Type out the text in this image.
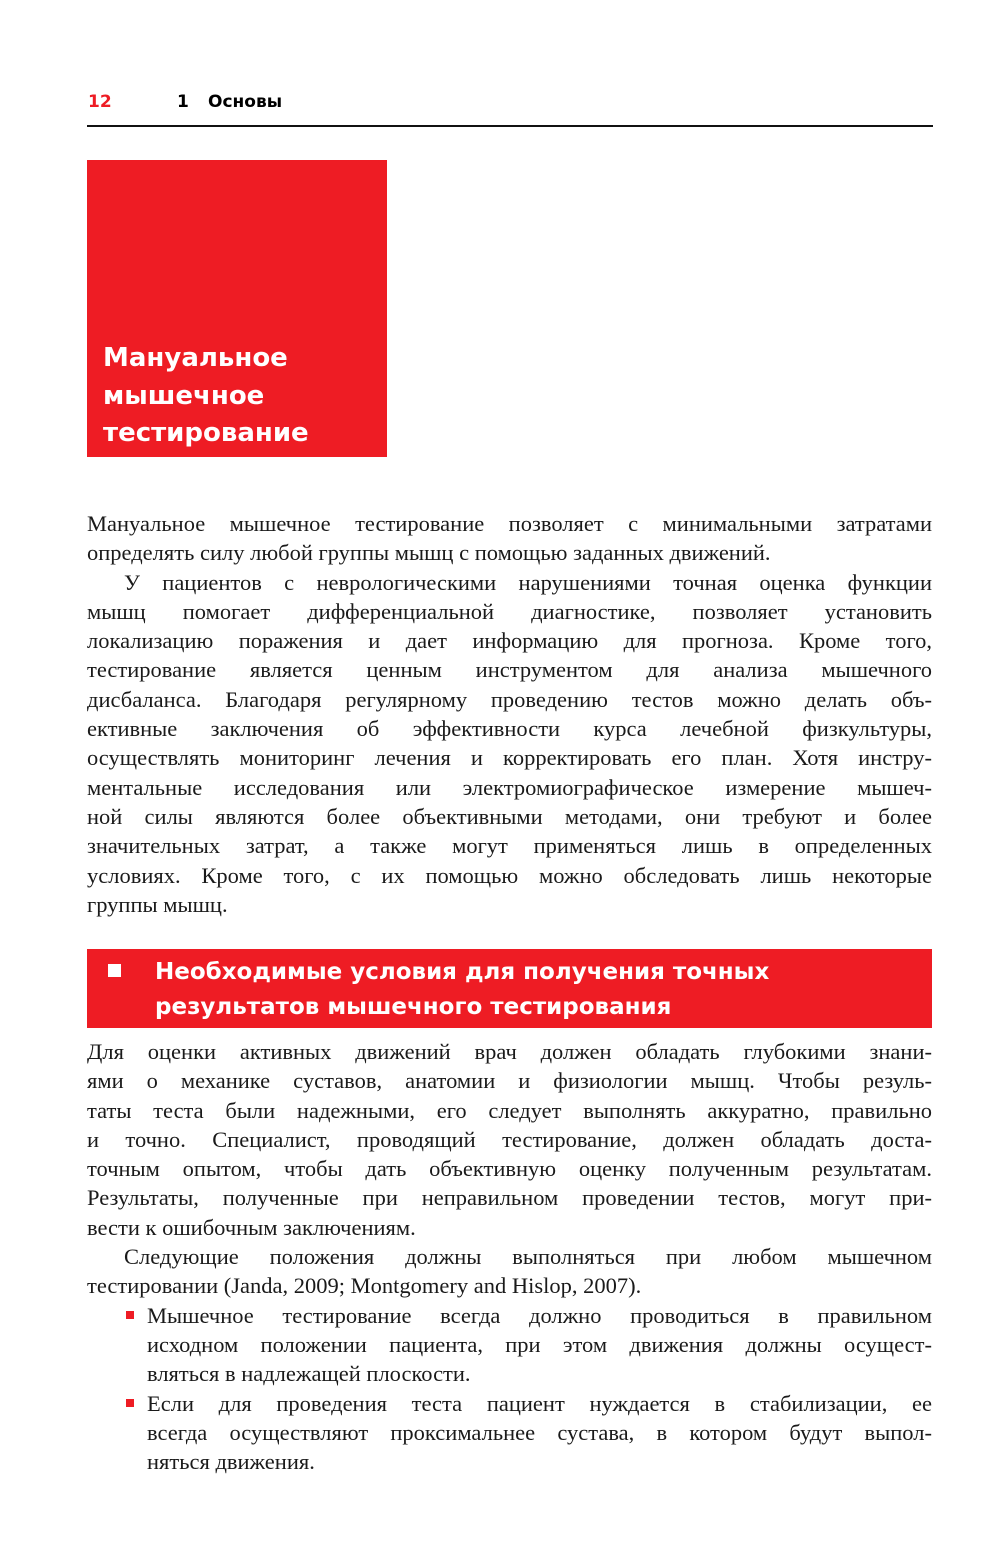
12	1 Основы
Мануальное
мышечное
тестирование
Мануальное мышечное тестирование позволяет с минимальными затратами
определять силу любой группы мышц с помощью заданных движений.
У пациентов с неврологическими нарушениями точная оценка функции
мышц помогает дифференциальной диагностике, позволяет установить
локализацию поражения и дает информацию для прогноза. Кроме того,
тестирование является ценным инструментом для анализа мышечного
дисбаланса. Благодаря регулярному проведению тестов можно делать объ-
ективные заключения об эффективности курса лечебной физкультуры,
осуществлять мониторинг лечения и корректировать его план. Хотя инстру-
ментальные исследования или электромиографическое измерение мышеч-
ной силы являются более объективными методами, они требуют и более
значительных затрат, а также могут применяться лишь в определенных
условиях. Кроме того, с их помощью можно обследовать лишь некоторые
группы мышц.
Необходимые условия для получения точных
результатов мышечного тестирования
Для оценки активных движений врач должен обладать глубокими знани-
ями о механике суставов, анатомии и физиологии мышц. Чтобы резуль-
таты теста были надежными, его следует выполнять аккуратно, правильно
и точно. Специалист, проводящий тестирование, должен обладать доста-
точным опытом, чтобы дать объективную оценку полученным результатам.
Результаты, полученные при неправильном проведении тестов, могут при-
вести к ошибочным заключениям.
Следующие положения должны выполняться при любом мышечном
тестировании (Janda, 2009; Montgomery and Hislop, 2007).
Мышечное тестирование всегда должно проводиться в правильном
исходном положении пациента, при этом движения должны осущест-
вляться в надлежащей плоскости.
Если для проведения теста пациент нуждается в стабилизации, ее
всегда осуществляют проксимальнее сустава, в котором будут выпол-
няться движения.
